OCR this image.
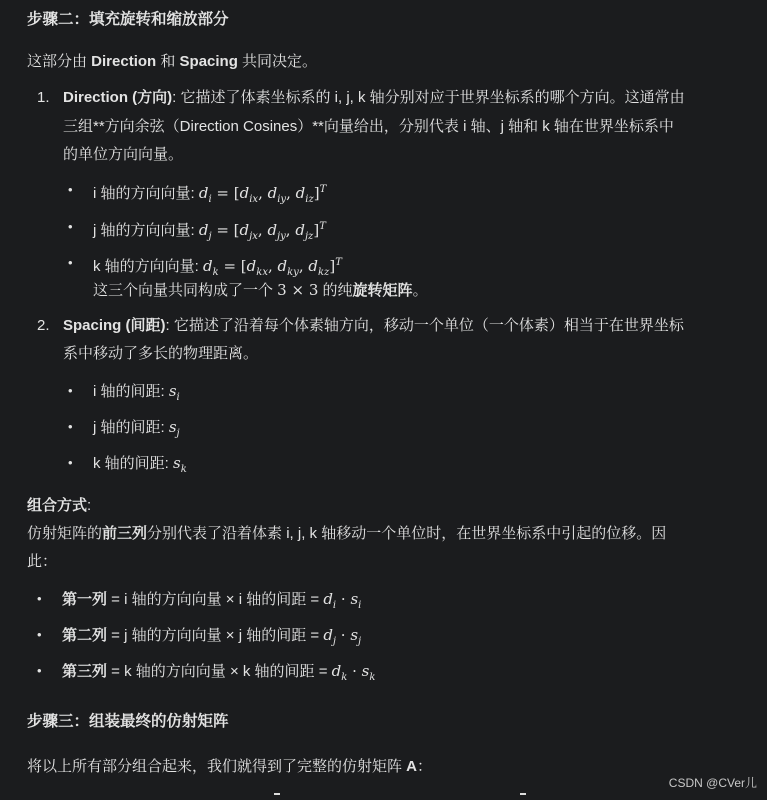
步骤二：填充旋转和缩放部分
这部分由 Direction 和 Spacing 共同决定。
1. Direction (方向): 它描述了体素坐标系的 i, j, k 轴分别对应于世界坐标系的哪个方向。这通常由
三组**方向余弦（Direction Cosines）**向量给出，分别代表 i 轴、j 轴和 k 轴在世界坐标系中
的单位方向向量。
• i 轴的方向向量: $d_i = [d_{ix}$, $d_{iy}$, $d_{iz}]^T$
• j 轴的方向向量: $d_j = [d_{jx}$, $d_{jy}$, $d_{jz}]^T$
• k 轴的方向向量: $d_k = [d_{kx}$, $d_{ky}$, $d_{kz}]^T$
这三个向量共同构成了一个 3 × 3 的纯旋转矩阵。
2. Spacing (间距): 它描述了沿着每个体素轴方向，移动一个单位（一个体素）相当于在世界坐标
系中移动了多长的物理距离。
• i 轴的间距: $s_i$
• j 轴的间距: $s_j$
• k 轴的间距: $s_k$
组合方式:
仿射矩阵的前三列分别代表了沿着体素 i, j, k 轴移动一个单位时，在世界坐标系中引起的位移。因
此：
• 第一列 = i 轴的方向向量 × i 轴的间距 = $d_i \cdot s_i$
• 第二列 = j 轴的方向向量 × j 轴的间距 = $d_j \cdot s_j$
• 第三列 = k 轴的方向向量 × k 轴的间距 = $d_k \cdot s_k$
步骤三：组装最终的仿射矩阵
将以上所有部分组合起来，我们就得到了完整的仿射矩阵 A：
CSDN @CVer儿
